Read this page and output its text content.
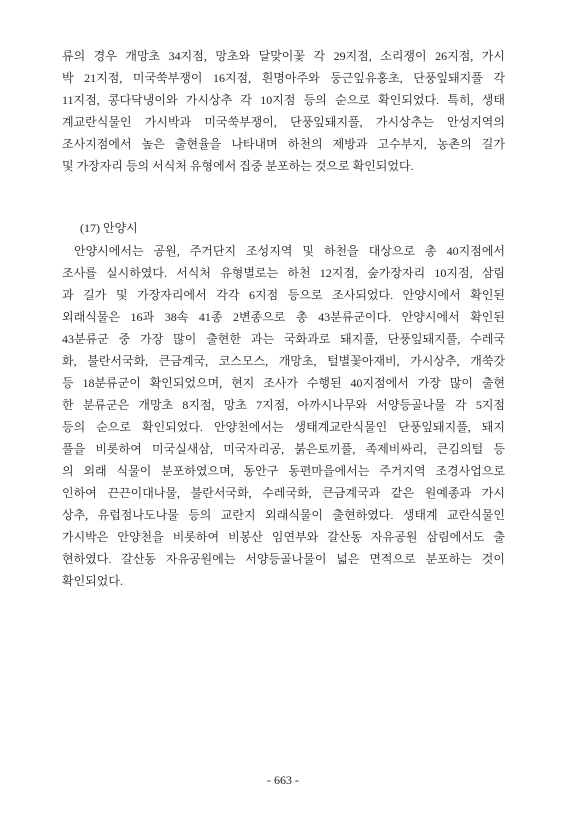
류의 경우 개망초 34지점, 망초와 달맞이꽃 각 29지점, 소리쟁이 26지점, 가시
박 21지점, 미국쑥부쟁이 16지점, 흰명아주와 둥근잎유홍초, 단풍잎돼지풀 각
11지점, 콩다닥냉이와 가시상추 각 10지점 등의 순으로 확인되었다. 특히, 생태
계교란식물인 가시박과 미국쑥부쟁이, 단풍잎돼지풀, 가시상추는 안성지역의
조사지점에서 높은 출현율을 나타내며 하천의 제방과 고수부지, 농촌의 길가
및 가장자리 등의 서식처 유형에서 집중 분포하는 것으로 확인되었다.
(17) 안양시
안양시에서는 공원, 주거단지 조성지역 및 하천을 대상으로 총 40지점에서
조사를 실시하였다. 서식처 유형별로는 하천 12지점, 숲가장자리 10지점, 삼림
과 길가 및 가장자리에서 각각 6지점 등으로 조사되었다. 안양시에서 확인된
외래식물은 16과 38속 41종 2변종으로 총 43분류군이다. 안양시에서 확인된
43분류군 중 가장 많이 출현한 과는 국화과로 돼지풀, 단풍잎돼지풀, 수레국
화, 불란서국화, 큰금계국, 코스모스, 개망초, 털별꽃아재비, 가시상추, 개쑥갓
등 18분류군이 확인되었으며, 현지 조사가 수행된 40지점에서 가장 많이 출현
한 분류군은 개망초 8지점, 망초 7지점, 아까시나무와 서양등골나물 각 5지점
등의 순으로 확인되었다. 안양천에서는 생태계교란식물인 단풍잎돼지풀, 돼지
풀을 비롯하여 미국실새삼, 미국자리공, 붉은토끼풀, 족제비싸리, 큰김의털 등
의 외래 식물이 분포하였으며, 동안구 동편마을에서는 주거지역 조경사업으로
인하여 끈끈이대나물, 불란서국화, 수레국화, 큰금계국과 같은 원예종과 가시
상추, 유럽점나도나물 등의 교란지 외래식물이 출현하였다. 생태계 교란식물인
가시박은 안양천을 비롯하여 비봉산 임연부와 갈산동 자유공원 삼림에서도 출
현하였다. 갈산동 자유공원에는 서양등골나물이 넓은 면적으로 분포하는 것이
확인되었다.
- 663 -
